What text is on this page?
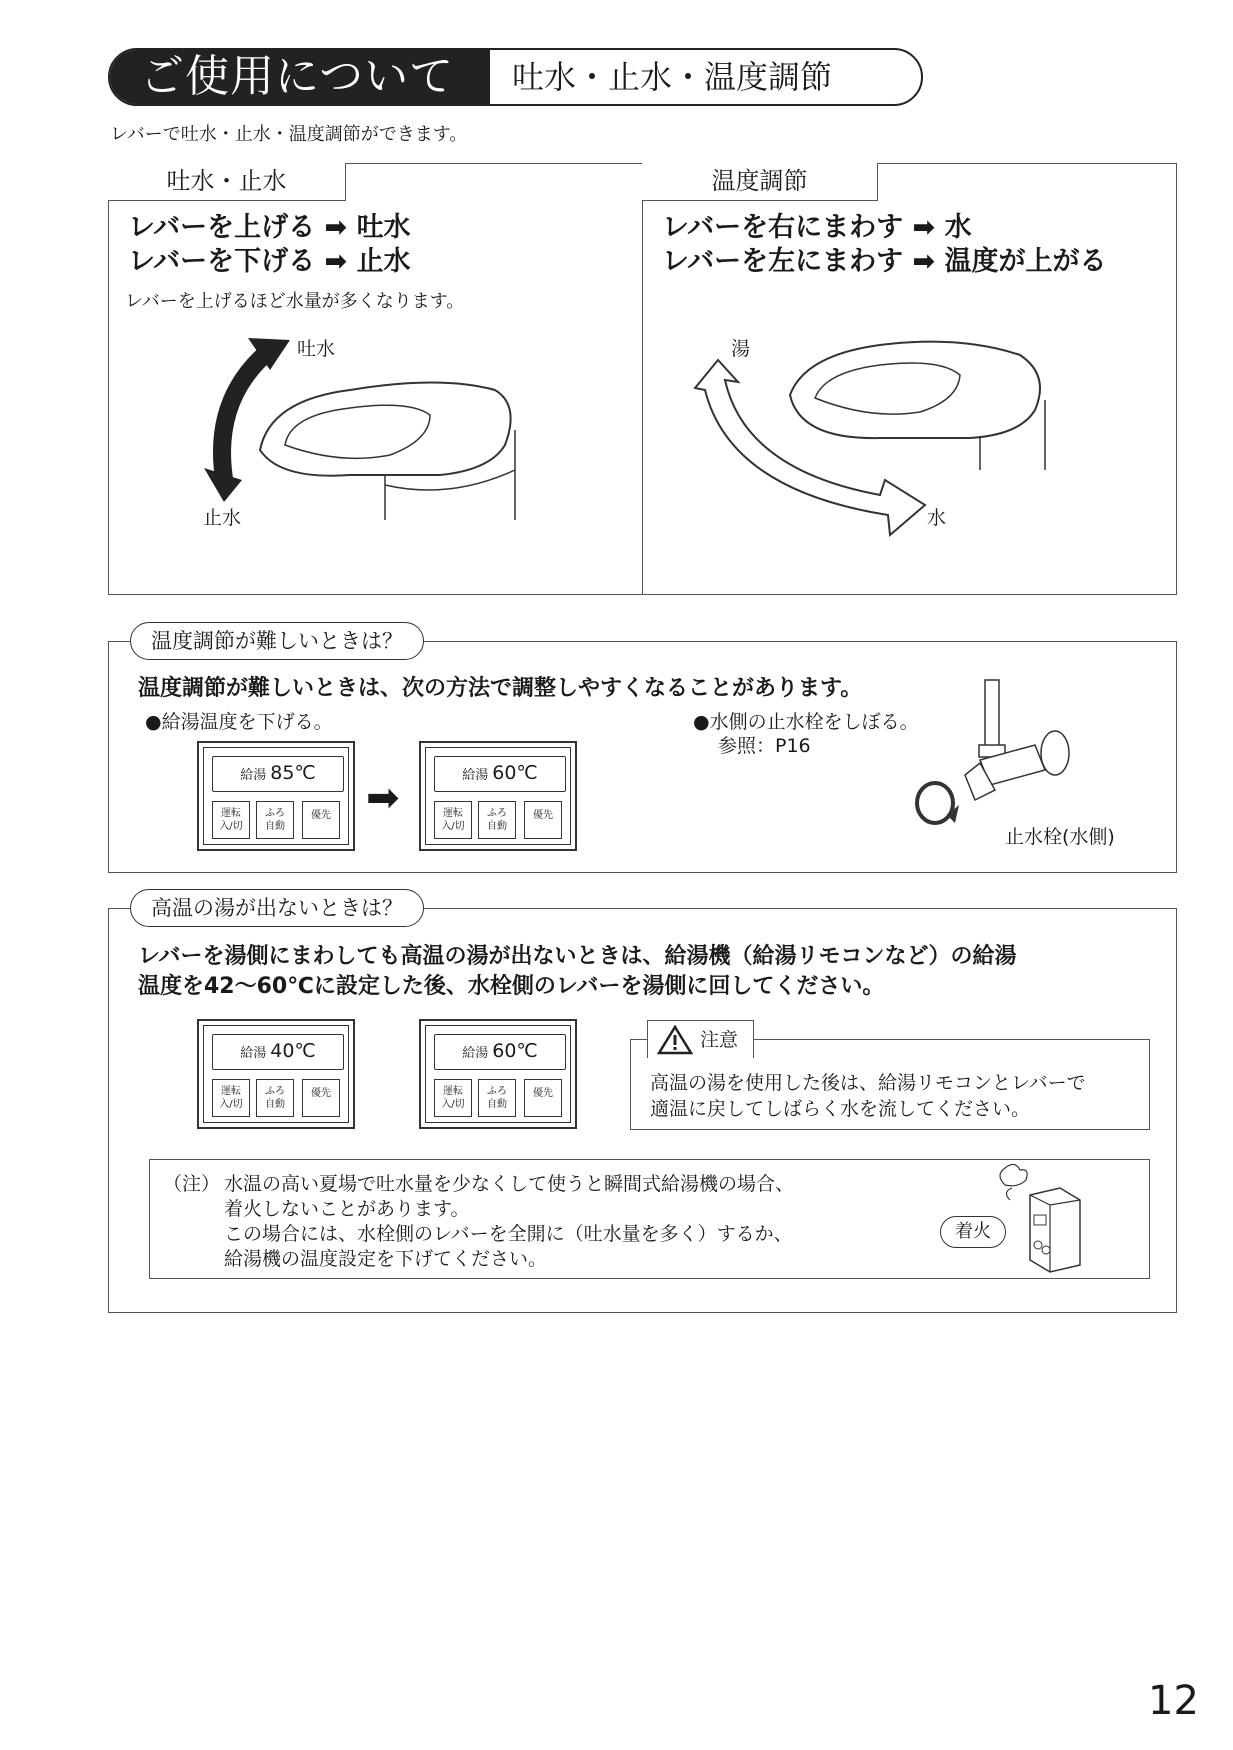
ご使用について	吐水・止水・温度調節
レバーで吐水・止水・温度調節ができます。
吐水・止水	温度調節
レバーを上げる ➡ 吐水
レバーを下げる ➡ 止水
レバーを上げるほど水量が多くなります。
吐水
止水
レバーを右にまわす ➡ 水
レバーを左にまわす ➡ 温度が上がる
湯
水
温度調節が難しいときは？
温度調節が難しいときは、次の方法で調整しやすくなることがあります。
●給湯温度を下げる。	●水側の止水栓をしぼる。
参照：P16
給湯 85℃
運転
入/切
ふろ
自動
優先 ➡	給湯 60℃
運転
入/切
ふろ
自動
優先
止水栓(水側)
高温の湯が出ないときは？
レバーを湯側にまわしても高温の湯が出ないときは、給湯機（給湯リモコンなど）の給湯
温度を42〜60℃に設定した後、水栓側のレバーを湯側に回してください。
給湯 40℃
運転
入/切
ふろ
自動
優先
給湯 60℃
運転
入/切
ふろ
自動
優先
注意
高温の湯を使用した後は、給湯リモコンとレバーで
適温に戻してしばらく水を流してください。
（注） 水温の高い夏場で吐水量を少なくして使うと瞬間式給湯機の場合、
着火しないことがあります。
この場合には、水栓側のレバーを全開に（吐水量を多く）するか、
給湯機の温度設定を下げてください。
着火
12
